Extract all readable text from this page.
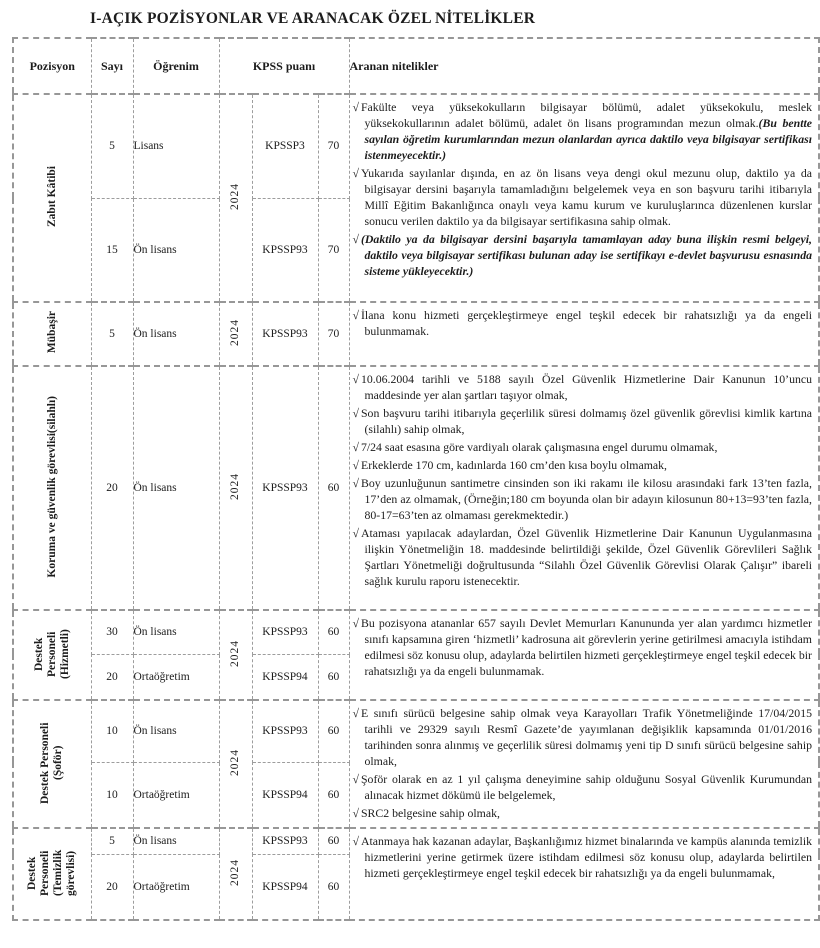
I-AÇIK POZİSYONLAR VE ARANACAK ÖZEL NİTELİKLER
Pozisyon	Sayı	Öğrenim	KPSS puanı			Aranan nitelikler
Zabıt Kâtibi	5	Lisans	2024	KPSSP3	70	√ Fakülte veya yüksekokulların bilgisayar bölümü, adalet yüksekokulu, meslek yüksekokullarının adalet bölümü, adalet ön lisans programından mezun olmak.(Bu bentte sayılan öğretim kurumlarından mezun olanlardan ayrıca daktilo veya bilgisayar sertifikası istenmeyecektir.)
√ Yukarıda sayılanlar dışında, en az ön lisans veya dengi okul mezunu olup, daktilo ya da bilgisayar dersini başarıyla tamamladığını belgelemek veya en son başvuru tarihi itibarıyla Millî Eğitim Bakanlığınca onaylı veya kamu kurum ve kuruluşlarınca düzenlenen kurslar sonucu verilen daktilo ya da bilgisayar sertifikasına sahip olmak.
√ (Daktilo ya da bilgisayar dersini başarıyla tamamlayan aday buna ilişkin resmi belgeyi, daktilo veya bilgisayar sertifikası bulunan aday ise sertifikayı e-devlet başvurusu esnasında sisteme yükleyecektir.)

	15	Ön lisans		KPSSP93	70	
Mübaşir	5	Ön lisans	2024	KPSSP93	70	√ İlana konu hizmeti gerçekleştirmeye engel teşkil edecek bir rahatsızlığı ya da engeli bulunmamak.

Koruma ve güvenlik görevlisi(silahlı)	20	Ön lisans	2024	KPSSP93	60	
√ 10.06.2004 tarihli ve 5188 sayılı Özel Güvenlik Hizmetlerine Dair Kanunun 10’uncu maddesinde yer alan şartları taşıyor olmak,
√ Son başvuru tarihi itibarıyla geçerlilik süresi dolmamış özel güvenlik görevlisi kimlik kartına (silahlı) sahip olmak,
√ 7/24 saat esasına göre vardiyalı olarak çalışmasına engel durumu olmamak,
√ Erkeklerde 170 cm, kadınlarda 160 cm’den kısa boylu olmamak,
√ Boy uzunluğunun santimetre cinsinden son iki rakamı ile kilosu arasındaki fark 13’ten fazla, 17’den az olmamak, (Örneğin;180 cm boyunda olan bir adayın kilosunun 80+13=93’ten fazla, 80-17=63’ten az olmaması gerekmektedir.)
√ Ataması yapılacak adaylardan, Özel Güvenlik Hizmetlerine Dair Kanunun Uygulanmasına ilişkin Yönetmeliğin 18. maddesinde belirtildiği şekilde, Özel Güvenlik Görevlileri Sağlık Şartları Yönetmeliği doğrultusunda “Silahlı Özel Güvenlik Görevlisi Olarak Çalışır” ibareli sağlık kurulu raporu istenecektir.

Destek Personeli (Hizmetli)	30	Ön lisans	2024	KPSSP93	60	√ Bu pozisyona atananlar 657 sayılı Devlet Memurları Kanununda yer alan yardımcı hizmetler sınıfı kapsamına giren ‘hizmetli’ kadrosuna ait görevlerin yerine getirilmesi amacıyla istihdam edilmesi söz konusu olup, adaylarda belirtilen hizmeti gerçekleştirmeye engel teşkil edecek bir rahatsızlığı ya da engeli bulunmamak.

	20	Ortaöğretim		KPSSP94	60	
Destek Personeli (Şoför)	10	Ön lisans	2024	KPSSP93	60	√ E sınıfı sürücü belgesine sahip olmak veya Karayolları Trafik Yönetmeliğinde 17/04/2015 tarihli ve 29329 sayılı Resmî Gazete’de yayımlanan değişiklik kapsamında 01/01/2016 tarihinden sonra alınmış ve geçerlilik süresi dolmamış yeni tip D sınıfı sürücü belgesine sahip olmak,
√ Şoför olarak en az 1 yıl çalışma deneyimine sahip olduğunu Sosyal Güvenlik Kurumundan alınacak hizmet dökümü ile belgelemek,
√ SRC2 belgesine sahip olmak,

	10	Ortaöğretim		KPSSP94	60	
Destek Personeli (Temizlik görevlisi)	5	Ön lisans	2024	KPSSP93	60	√ Atanmaya hak kazanan adaylar, Başkanlığımız hizmet binalarında ve kampüs alanında temizlik hizmetlerini yerine getirmek üzere istihdam edilmesi söz konusu olup, adaylarda belirtilen hizmeti gerçekleştirmeye engel teşkil edecek bir rahatsızlığı ya da engeli bulunmamak,

	20	Ortaöğretim		KPSSP94	60	
